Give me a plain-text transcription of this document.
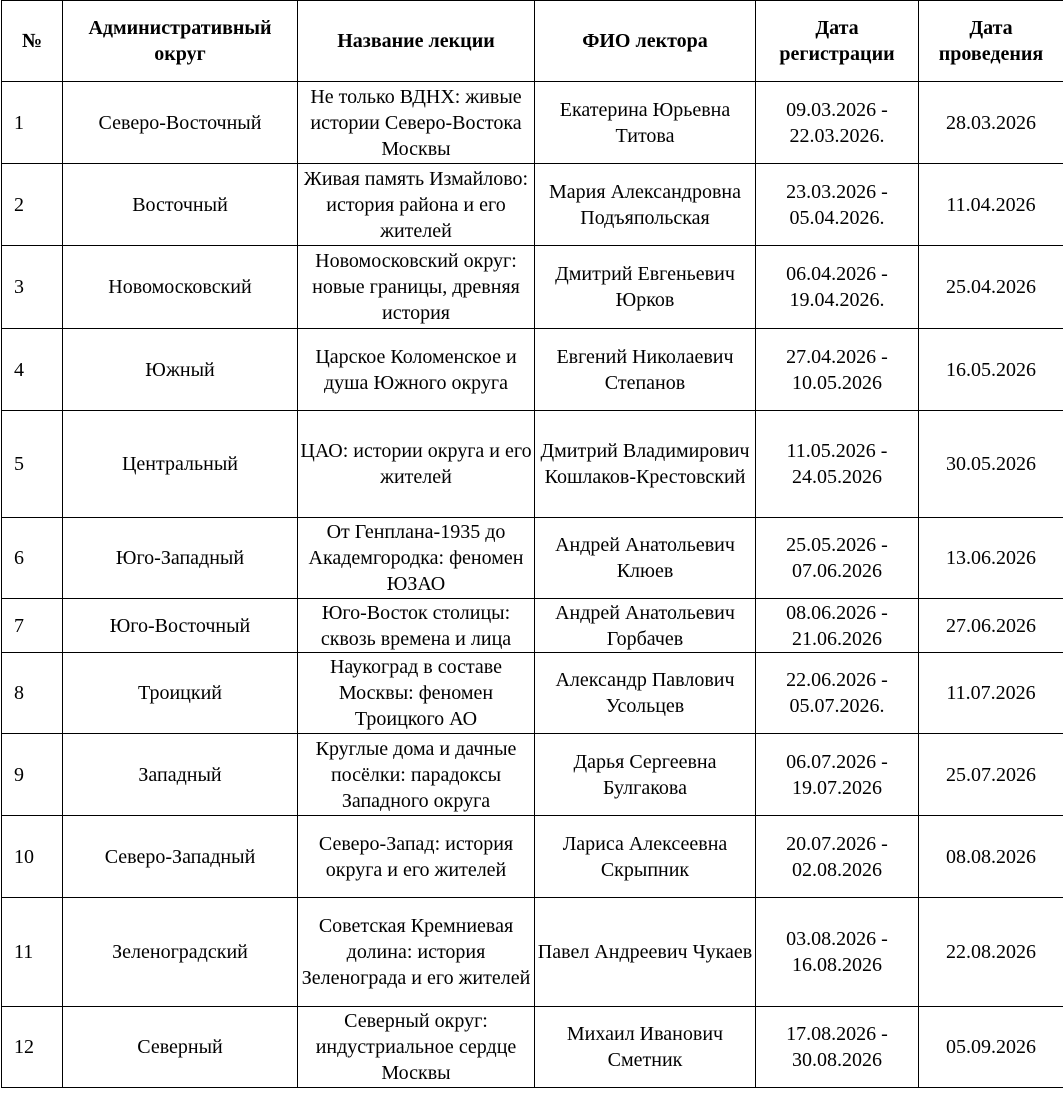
№	Административный округ	Название лекции	ФИО лектора	Дата регистрации	Дата проведения
1	Северо-Восточный	Не только ВДНХ: живые истории Северо-Востока Москвы	Екатерина Юрьевна Титова	09.03.2026 - 22.03.2026.	28.03.2026
2	Восточный	Живая память Измайлово: история района и его жителей	Мария Александровна Подъяпольская	23.03.2026 - 05.04.2026.	11.04.2026
3	Новомосковский	Новомосковский округ: новые границы, древняя история	Дмитрий Евгеньевич Юрков	06.04.2026 - 19.04.2026.	25.04.2026
4	Южный	Царское Коломенское и душа Южного округа	Евгений Николаевич Степанов	27.04.2026 - 10.05.2026	16.05.2026
5	Центральный	ЦАО: истории округа и его жителей	Дмитрий Владимирович Кошлаков-Крестовский	11.05.2026 - 24.05.2026	30.05.2026
6	Юго-Западный	От Генплана-1935 до Академгородка: феномен ЮЗАО	Андрей Анатольевич Клюев	25.05.2026 - 07.06.2026	13.06.2026
7	Юго-Восточный	Юго-Восток столицы: сквозь времена и лица	Андрей Анатольевич Горбачев	08.06.2026 - 21.06.2026	27.06.2026
8	Троицкий	Наукоград в составе Москвы: феномен Троицкого АО	Александр Павлович Усольцев	22.06.2026 - 05.07.2026.	11.07.2026
9	Западный	Круглые дома и дачные посёлки: парадоксы Западного округа	Дарья Сергеевна Булгакова	06.07.2026 - 19.07.2026	25.07.2026
10	Северо-Западный	Северо-Запад: история округа и его жителей	Лариса Алексеевна Скрыпник	20.07.2026 - 02.08.2026	08.08.2026
11	Зеленоградский	Советская Кремниевая долина: история Зеленограда и его жителей	Павел Андреевич Чукаев	03.08.2026 - 16.08.2026	22.08.2026
12	Северный	Северный округ: индустриальное сердце Москвы	Михаил Иванович Сметник	17.08.2026 - 30.08.2026	05.09.2026
